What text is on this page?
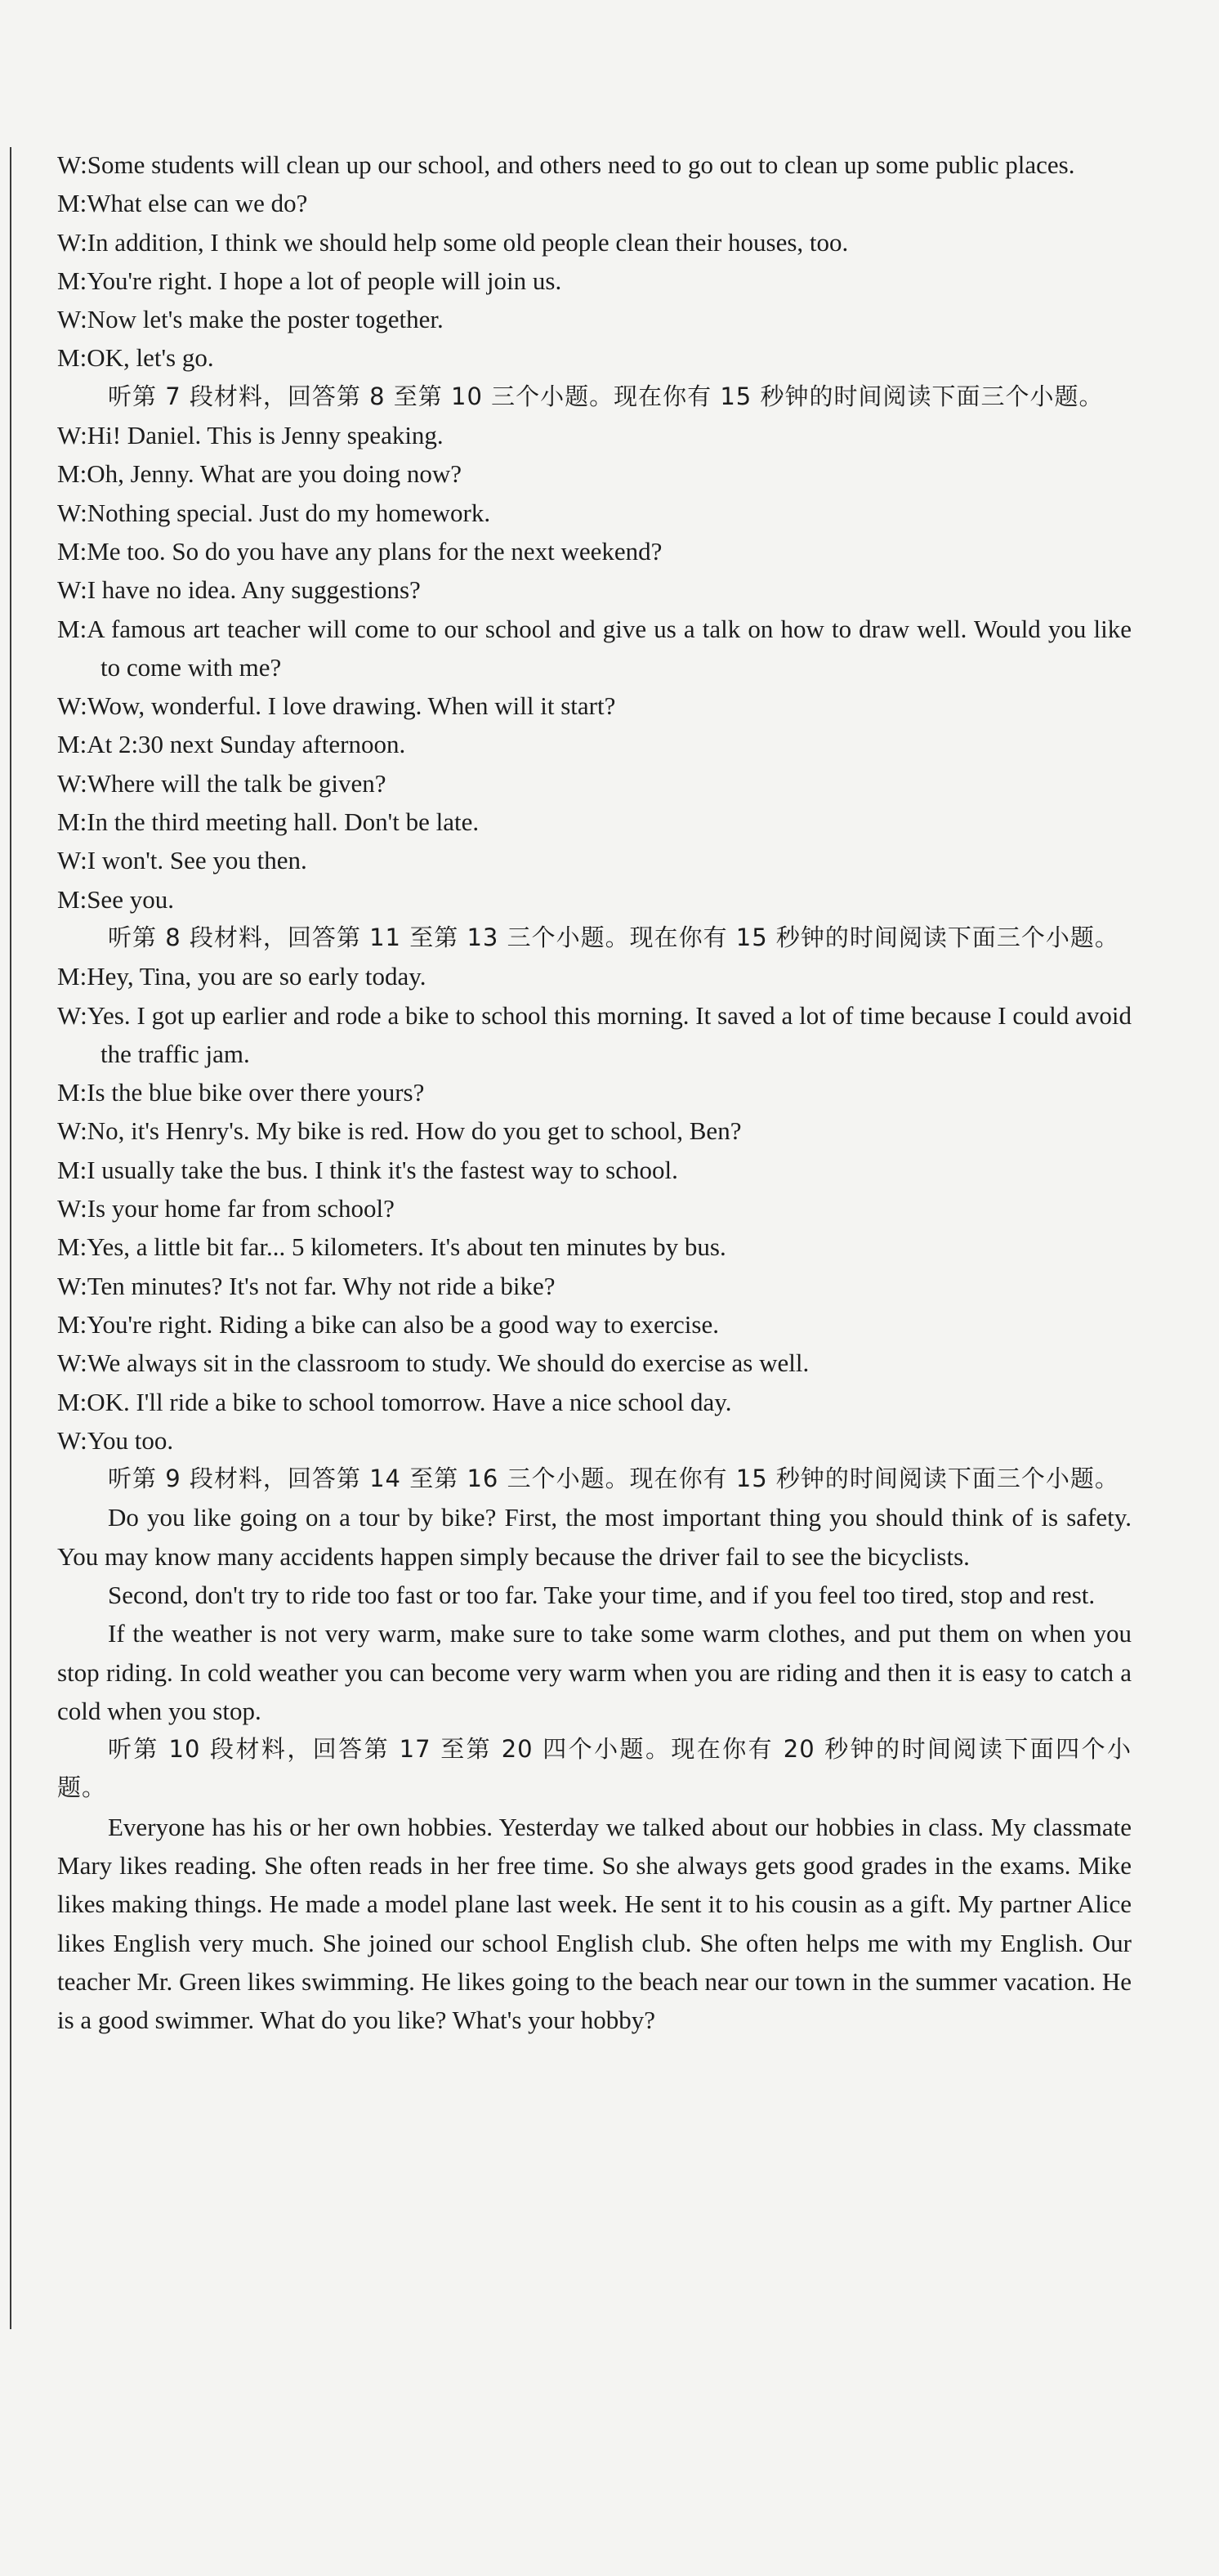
W:Some students will clean up our school, and others need to go out to clean up some public places.
M:What else can we do?
W:In addition, I think we should help some old people clean their houses, too.
M:You're right. I hope a lot of people will join us.
W:Now let's make the poster together.
M:OK, let's go.
听第 7 段材料，回答第 8 至第 10 三个小题。现在你有 15 秒钟的时间阅读下面三个小题。
W:Hi! Daniel. This is Jenny speaking.
M:Oh, Jenny. What are you doing now?
W:Nothing special. Just do my homework.
M:Me too. So do you have any plans for the next weekend?
W:I have no idea. Any suggestions?
M:A famous art teacher will come to our school and give us a talk on how to draw well. Would you like to come with me?
W:Wow, wonderful. I love drawing. When will it start?
M:At 2:30 next Sunday afternoon.
W:Where will the talk be given?
M:In the third meeting hall. Don't be late.
W:I won't. See you then.
M:See you.
听第 8 段材料，回答第 11 至第 13 三个小题。现在你有 15 秒钟的时间阅读下面三个小题。
M:Hey, Tina, you are so early today.
W:Yes. I got up earlier and rode a bike to school this morning. It saved a lot of time because I could avoid the traffic jam.
M:Is the blue bike over there yours?
W:No, it's Henry's. My bike is red. How do you get to school, Ben?
M:I usually take the bus. I think it's the fastest way to school.
W:Is your home far from school?
M:Yes, a little bit far... 5 kilometers. It's about ten minutes by bus.
W:Ten minutes? It's not far. Why not ride a bike?
M:You're right. Riding a bike can also be a good way to exercise.
W:We always sit in the classroom to study. We should do exercise as well.
M:OK. I'll ride a bike to school tomorrow. Have a nice school day.
W:You too.
听第 9 段材料，回答第 14 至第 16 三个小题。现在你有 15 秒钟的时间阅读下面三个小题。
Do you like going on a tour by bike? First, the most important thing you should think of is safety. You may know many accidents happen simply because the driver fail to see the bicyclists.
Second, don't try to ride too fast or too far. Take your time, and if you feel too tired, stop and rest.
If the weather is not very warm, make sure to take some warm clothes, and put them on when you stop riding. In cold weather you can become very warm when you are riding and then it is easy to catch a cold when you stop.
听第 10 段材料，回答第 17 至第 20 四个小题。现在你有 20 秒钟的时间阅读下面四个小题。
Everyone has his or her own hobbies. Yesterday we talked about our hobbies in class. My classmate Mary likes reading. She often reads in her free time. So she always gets good grades in the exams. Mike likes making things. He made a model plane last week. He sent it to his cousin as a gift. My partner Alice likes English very much. She joined our school English club. She often helps me with my English. Our teacher Mr. Green likes swimming. He likes going to the beach near our town in the summer vacation. He is a good swimmer. What do you like? What's your hobby?
